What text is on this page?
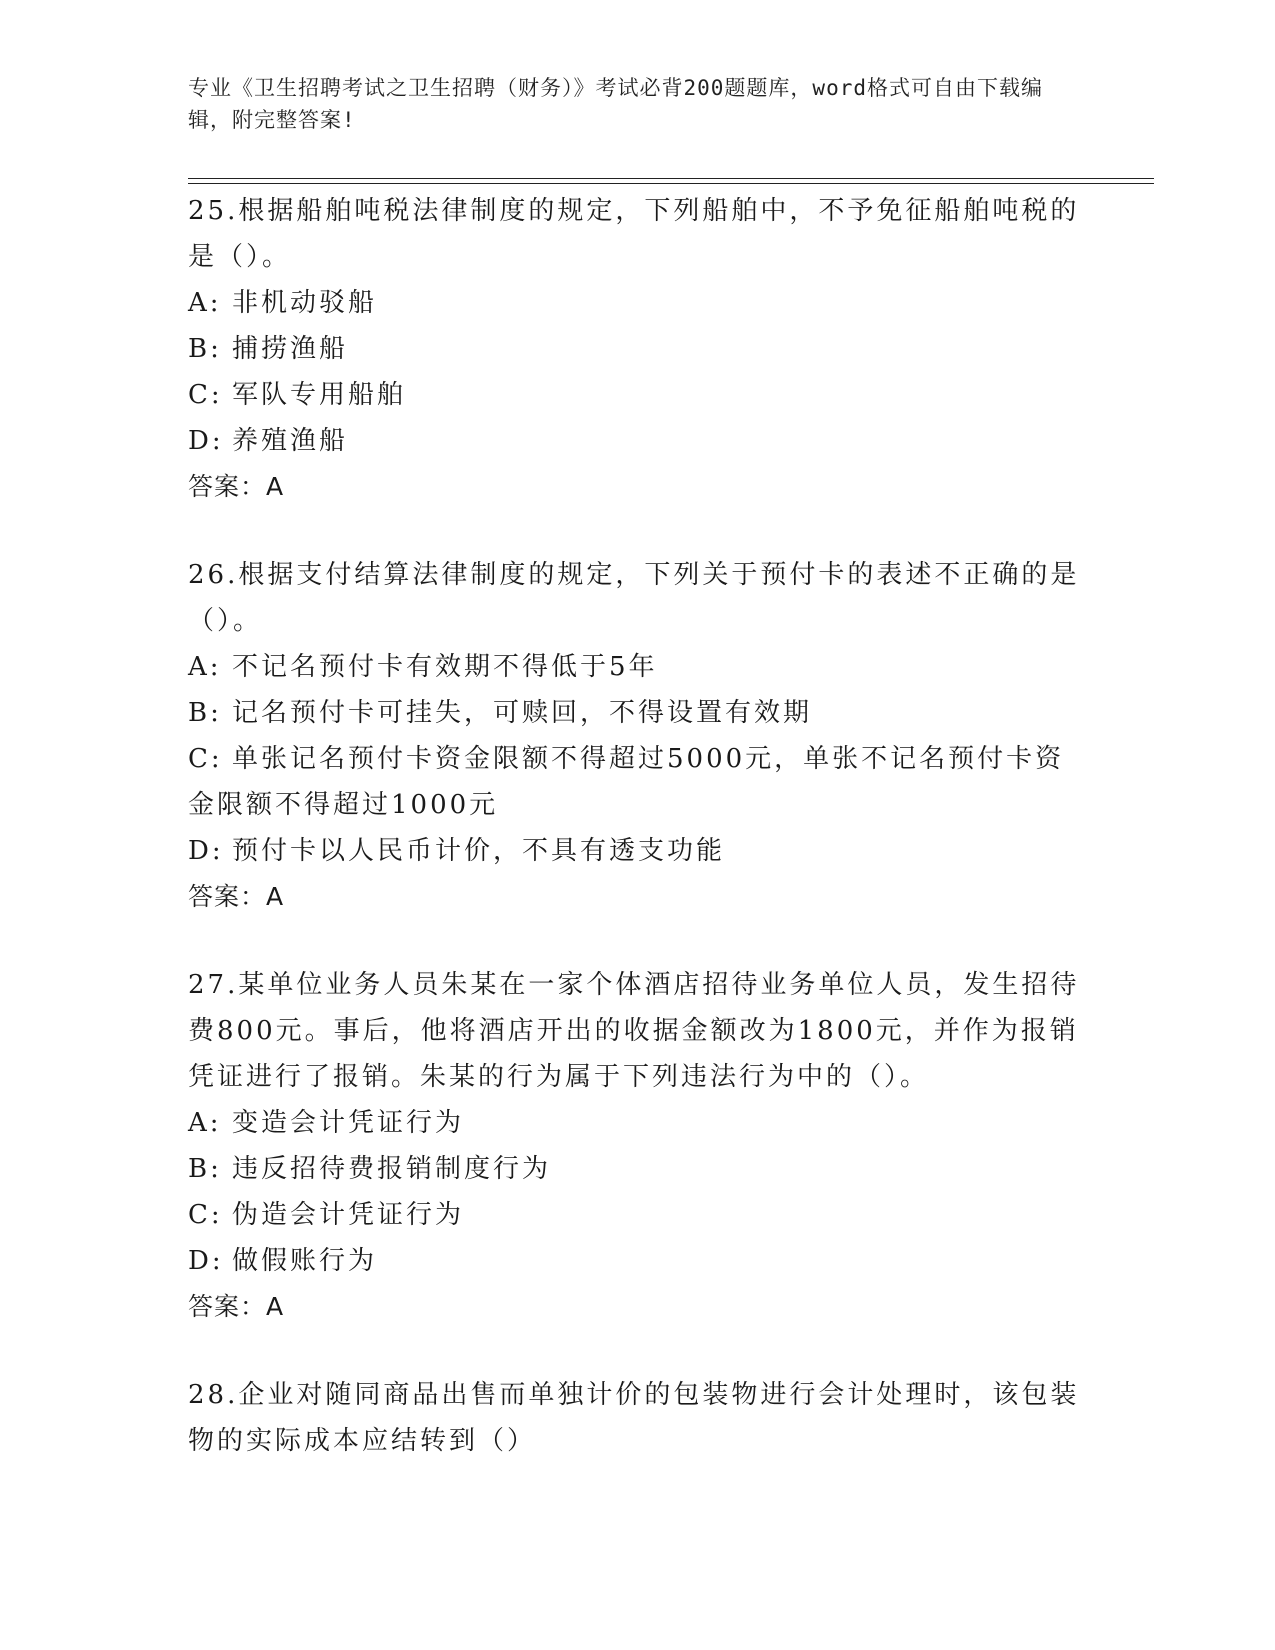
专业《卫生招聘考试之卫生招聘（财务）》考试必背200题题库，word格式可自由下载编辑，附完整答案!

25.根据船舶吨税法律制度的规定，下列船舶中，不予免征船舶吨税的是（）。

A: 非机动驳船

B: 捕捞渔船

C: 军队专用船舶

D: 养殖渔船

答案：A

26.根据支付结算法律制度的规定，下列关于预付卡的表述不正确的是（）。

A: 不记名预付卡有效期不得低于5年

B: 记名预付卡可挂失，可赎回，不得设置有效期

C: 单张记名预付卡资金限额不得超过5000元，单张不记名预付卡资金限额不得超过1000元

D: 预付卡以人民币计价，不具有透支功能

答案：A

27.某单位业务人员朱某在一家个体酒店招待业务单位人员，发生招待费800元。事后，他将酒店开出的收据金额改为1800元，并作为报销凭证进行了报销。朱某的行为属于下列违法行为中的（）。

A: 变造会计凭证行为

B: 违反招待费报销制度行为

C: 伪造会计凭证行为

D: 做假账行为

答案：A

28.企业对随同商品出售而单独计价的包装物进行会计处理时，该包装物的实际成本应结转到（）
